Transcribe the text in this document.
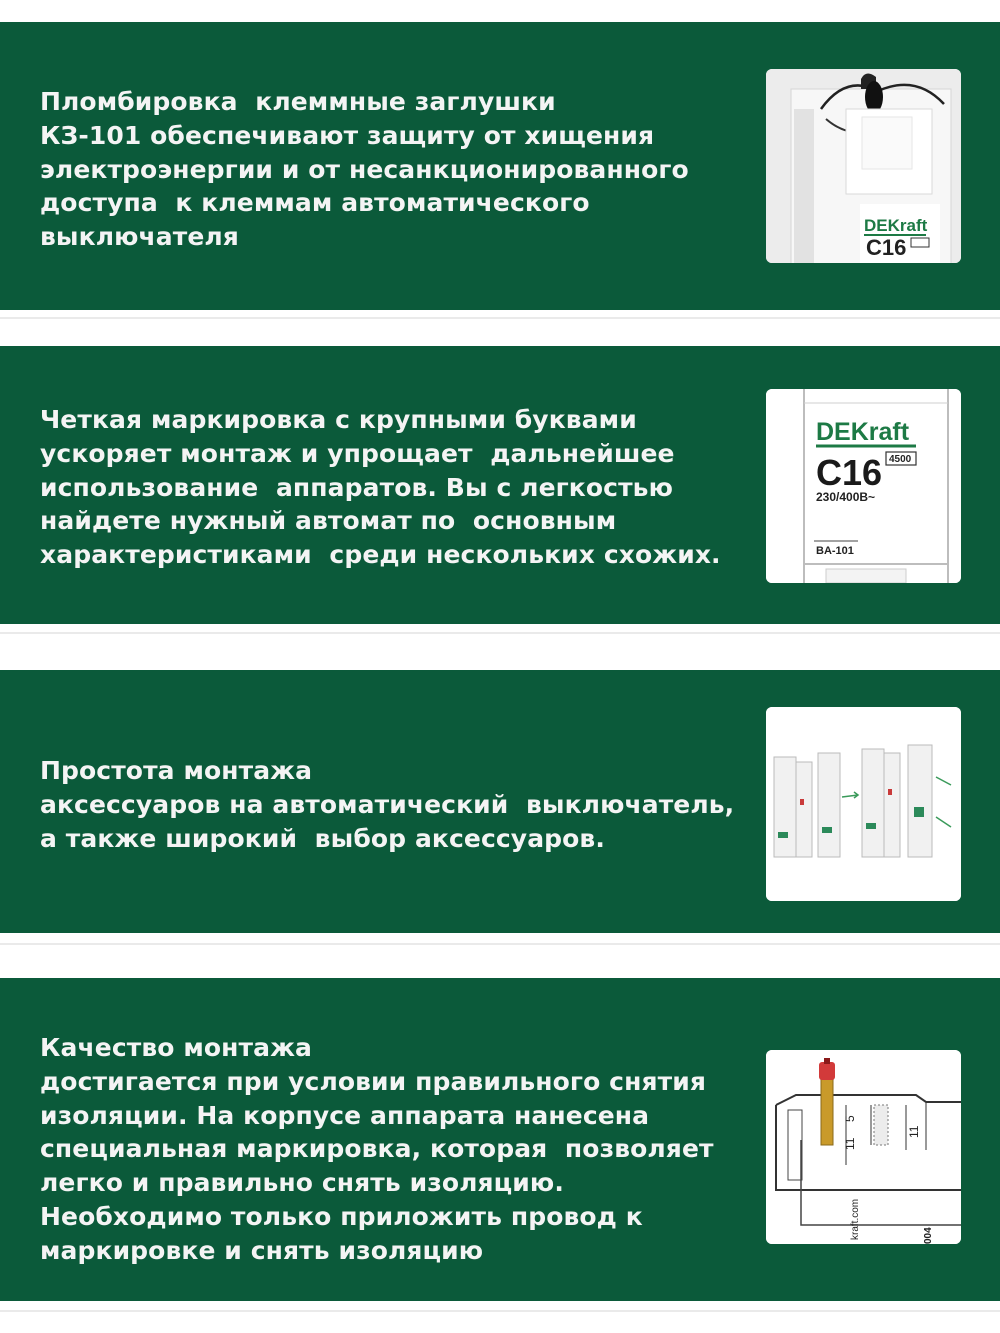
Пломбировка  клеммные заглушки
КЗ-101 обеспечивают защиту от хищения
электроэнергии и от несанкционированного
доступа  к клеммам автоматического
выключателя	DEKraft
C16
Четкая маркировка с крупными буквами
ускоряет монтаж и упрощает  дальнейшее
использование  аппаратов. Вы с легкостью
найдете нужный автомат по  основным
характеристиками  среди нескольких схожих.
DEKraft
C16 4500
230/400B~
BA-101
Простота монтажа
аксессуаров на автоматический  выключатель,
а также широкий  выбор аксессуаров.
Качество монтажа
достигается при условии правильного снятия
изоляции. На корпусе аппарата нанесена
специальная маркировка, которая  позволяет
легко и правильно снять изоляцию.
Необходимо только приложить провод к
маркировке и снять изоляцию
11
5
11
kraft.com	004
